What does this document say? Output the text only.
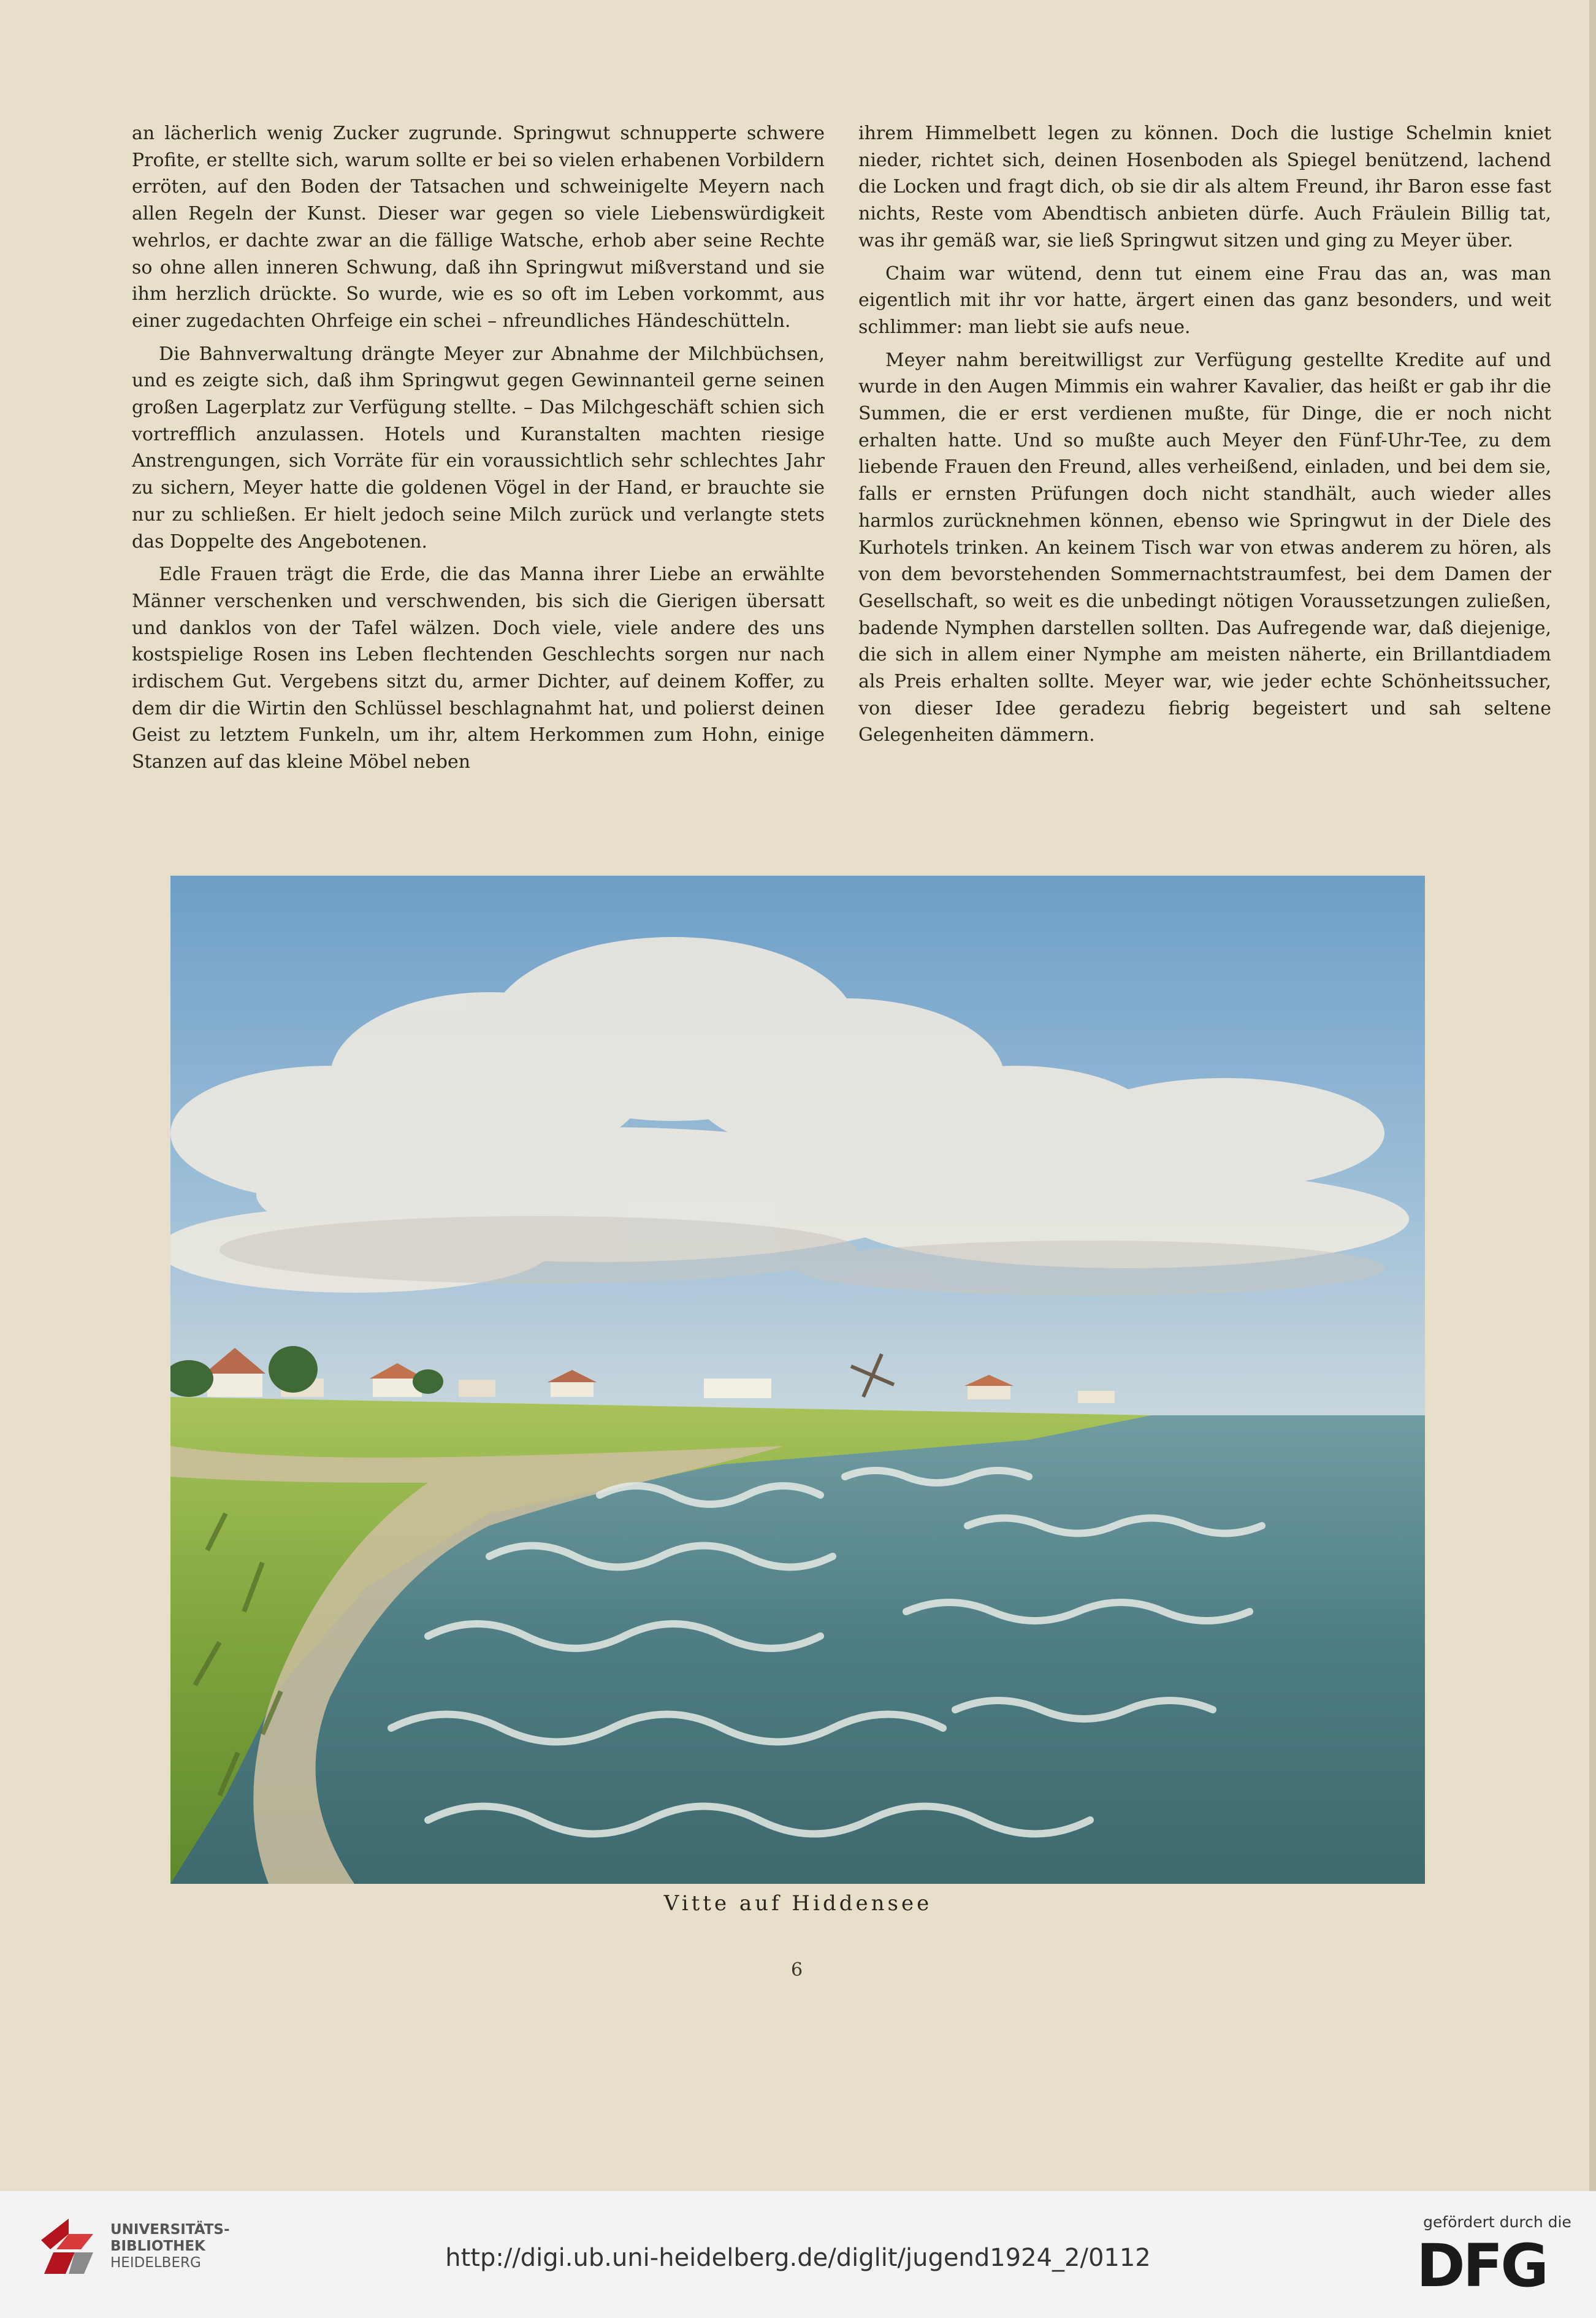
an lächerlich wenig Zucker zugrunde. Springwut schnupperte schwere Profite, er stellte sich, warum sollte er bei so vielen erhabenen Vorbildern erröten, auf den Boden der Tatsachen und schweinigelte Meyern nach allen Regeln der Kunst. Dieser war gegen so viele Liebenswürdigkeit wehrlos, er dachte zwar an die fällige Watsche, erhob aber seine Rechte so ohne allen inneren Schwung, daß ihn Springwut mißverstand und sie ihm herzlich drückte. So wurde, wie es so oft im Leben vorkommt, aus einer zugedachten Ohrfeige ein schei – nfreundliches Händeschütteln.

Die Bahnverwaltung drängte Meyer zur Abnahme der Milchbüchsen, und es zeigte sich, daß ihm Springwut gegen Gewinnanteil gerne seinen großen Lagerplatz zur Verfügung stellte. – Das Milchgeschäft schien sich vortrefflich anzulassen. Hotels und Kuranstalten machten riesige Anstrengungen, sich Vorräte für ein voraussichtlich sehr schlechtes Jahr zu sichern, Meyer hatte die goldenen Vögel in der Hand, er brauchte sie nur zu schließen. Er hielt jedoch seine Milch zurück und verlangte stets das Doppelte des Angebotenen.

Edle Frauen trägt die Erde, die das Manna ihrer Liebe an erwählte Männer verschenken und verschwenden, bis sich die Gierigen übersatt und danklos von der Tafel wälzen. Doch viele, viele andere des uns kostspielige Rosen ins Leben flechtenden Geschlechts sorgen nur nach irdischem Gut. Vergebens sitzt du, armer Dichter, auf deinem Koffer, zu dem dir die Wirtin den Schlüssel beschlagnahmt hat, und polierst deinen Geist zu letztem Funkeln, um ihr, altem Herkommen zum Hohn, einige Stanzen auf das kleine Möbel neben

ihrem Himmelbett legen zu können. Doch die lustige Schelmin kniet nieder, richtet sich, deinen Hosenboden als Spiegel benützend, lachend die Locken und fragt dich, ob sie dir als altem Freund, ihr Baron esse fast nichts, Reste vom Abendtisch anbieten dürfe. Auch Fräulein Billig tat, was ihr gemäß war, sie ließ Springwut sitzen und ging zu Meyer über.

Chaim war wütend, denn tut einem eine Frau das an, was man eigentlich mit ihr vor hatte, ärgert einen das ganz besonders, und weit schlimmer: man liebt sie aufs neue.

Meyer nahm bereitwilligst zur Verfügung gestellte Kredite auf und wurde in den Augen Mimmis ein wahrer Kavalier, das heißt er gab ihr die Summen, die er erst verdienen mußte, für Dinge, die er noch nicht erhalten hatte. Und so mußte auch Meyer den Fünf-Uhr-Tee, zu dem liebende Frauen den Freund, alles verheißend, einladen, und bei dem sie, falls er ernsten Prüfungen doch nicht standhält, auch wieder alles harmlos zurücknehmen können, ebenso wie Springwut in der Diele des Kurhotels trinken. An keinem Tisch war von etwas anderem zu hören, als von dem bevorstehenden Sommernachtstraumfest, bei dem Damen der Gesellschaft, so weit es die unbedingt nötigen Voraussetzungen zuließen, badende Nymphen darstellen sollten. Das Aufregende war, daß diejenige, die sich in allem einer Nymphe am meisten näherte, ein Brillantdiadem als Preis erhalten sollte. Meyer war, wie jeder echte Schönheitssucher, von dieser Idee geradezu fiebrig begeistert und sah seltene Gelegenheiten dämmern.

Vitte auf Hiddensee
6
UNIVERSITÄTS-
BIBLIOTHEK
HEIDELBERG	http://digi.ub.uni-heidelberg.de/diglit/jugend1924_2/0112
gefördert durch die
DFG
